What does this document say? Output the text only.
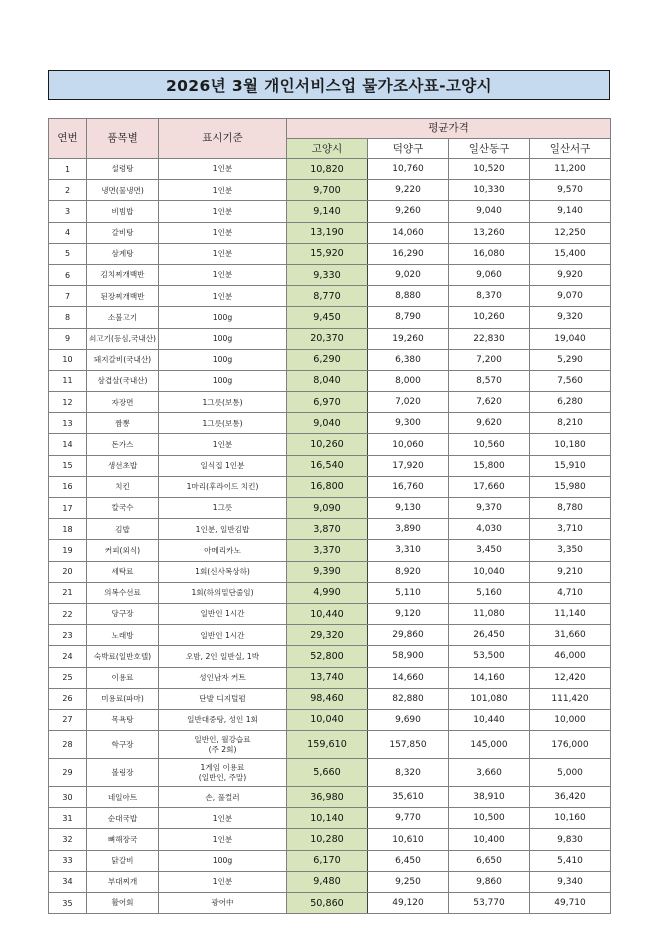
2026년 3월 개인서비스업 물가조사표-고양시
연번	품목별	표시기준	평균가격			
			고양시	덕양구	일산동구	일산서구
1	설렁탕	1인분	10,820	10,760	10,520	11,200
2	냉면(물냉면)	1인분	9,700	9,220	10,330	9,570
3	비빔밥	1인분	9,140	9,260	9,040	9,140
4	갈비탕	1인분	13,190	14,060	13,260	12,250
5	삼계탕	1인분	15,920	16,290	16,080	15,400
6	김치찌개백반	1인분	9,330	9,020	9,060	9,920
7	된장찌개백반	1인분	8,770	8,880	8,370	9,070
8	소불고기	100g	9,450	8,790	10,260	9,320
9	쇠고기(등심,국내산)	100g	20,370	19,260	22,830	19,040
10	돼지갈비(국내산)	100g	6,290	6,380	7,200	5,290
11	삼겹살(국내산)	100g	8,040	8,000	8,570	7,560
12	자장면	1그릇(보통)	6,970	7,020	7,620	6,280
13	짬뽕	1그릇(보통)	9,040	9,300	9,620	8,210
14	돈가스	1인분	10,260	10,060	10,560	10,180
15	생선초밥	일식집 1인분	16,540	17,920	15,800	15,910
16	치킨	1마리(후라이드 치킨)	16,800	16,760	17,660	15,980
17	칼국수	1그릇	9,090	9,130	9,370	8,780
18	김밥	1인분, 일반김밥	3,870	3,890	4,030	3,710
19	커피(외식)	아메리카노	3,370	3,310	3,450	3,350
20	세탁료	1회(신사복상하)	9,390	8,920	10,040	9,210
21	의복수선료	1회(하의밑단줄임)	4,990	5,110	5,160	4,710
22	당구장	일반인 1시간	10,440	9,120	11,080	11,140
23	노래방	일반인 1시간	29,320	29,860	26,450	31,660
24	숙박료(일반호텔)	오밤, 2인 일반실, 1박	52,800	58,900	53,500	46,000
25	이용료	성인남자 커트	13,740	14,660	14,160	12,420
26	미용료(파마)	단발 디지털펌	98,460	82,880	101,080	111,420
27	목욕탕	일반대중탕, 성인 1회	10,040	9,690	10,440	10,000
28	학구장	일반인, 월강습료
(주 2회)	159,610	157,850	145,000	176,000
29	볼링장	1게임 이용료
(일반인, 주말)	5,660	8,320	3,660	5,000
30	네일아트	손, 풀컬러	36,980	35,610	38,910	36,420
31	순대국밥	1인분	10,140	9,770	10,500	10,160
32	뼈해장국	1인분	10,280	10,610	10,400	9,830
33	닭갈비	100g	6,170	6,450	6,650	5,410
34	부대찌개	1인분	9,480	9,250	9,860	9,340
35	활어회	광어中	50,860	49,120	53,770	49,710
